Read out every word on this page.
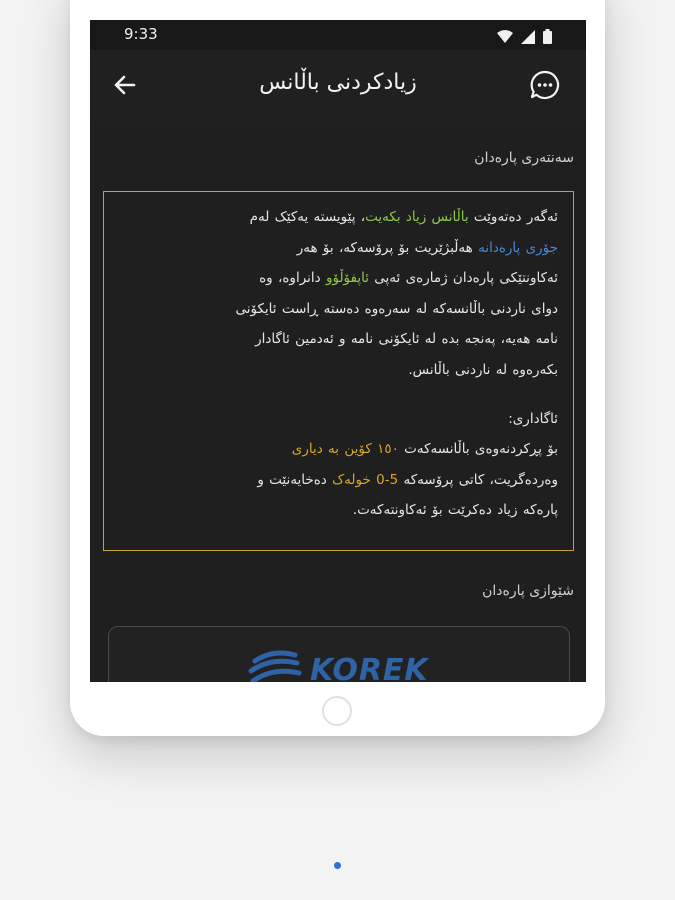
9:33

زیادکردنی باڵانس
سەنتەری پارەدان
ئەگەر دەتەوێت باڵانس زیاد بکەیت، پێویستە یەکێک لەم
جۆری پارەدانە هەڵبژێریت بۆ پرۆسەکە، بۆ هەر
ئەکاونتێکی پارەدان ژمارەی ئەپی ئاپفۆڵۆو دانراوە، وە
دوای ناردنی باڵانسەکە لە سەرەوە دەستە ڕاست ئایکۆنی
نامە هەیە، پەنجە بدە لە ئایکۆنی نامە و ئەدمین ئاگادار
بکەرەوە لە ناردنی باڵانس.
ئاگاداری:
بۆ پڕکردنەوەی باڵانسەکەت ١٥٠ کۆین بە دیاری
وەردەگریت، کاتی پرۆسەکە 5-0 خولەک دەخایەنێت و
پارەکە زیاد دەکرێت بۆ ئەکاونتەکەت.
شێوازی پارەدان
KOREK
